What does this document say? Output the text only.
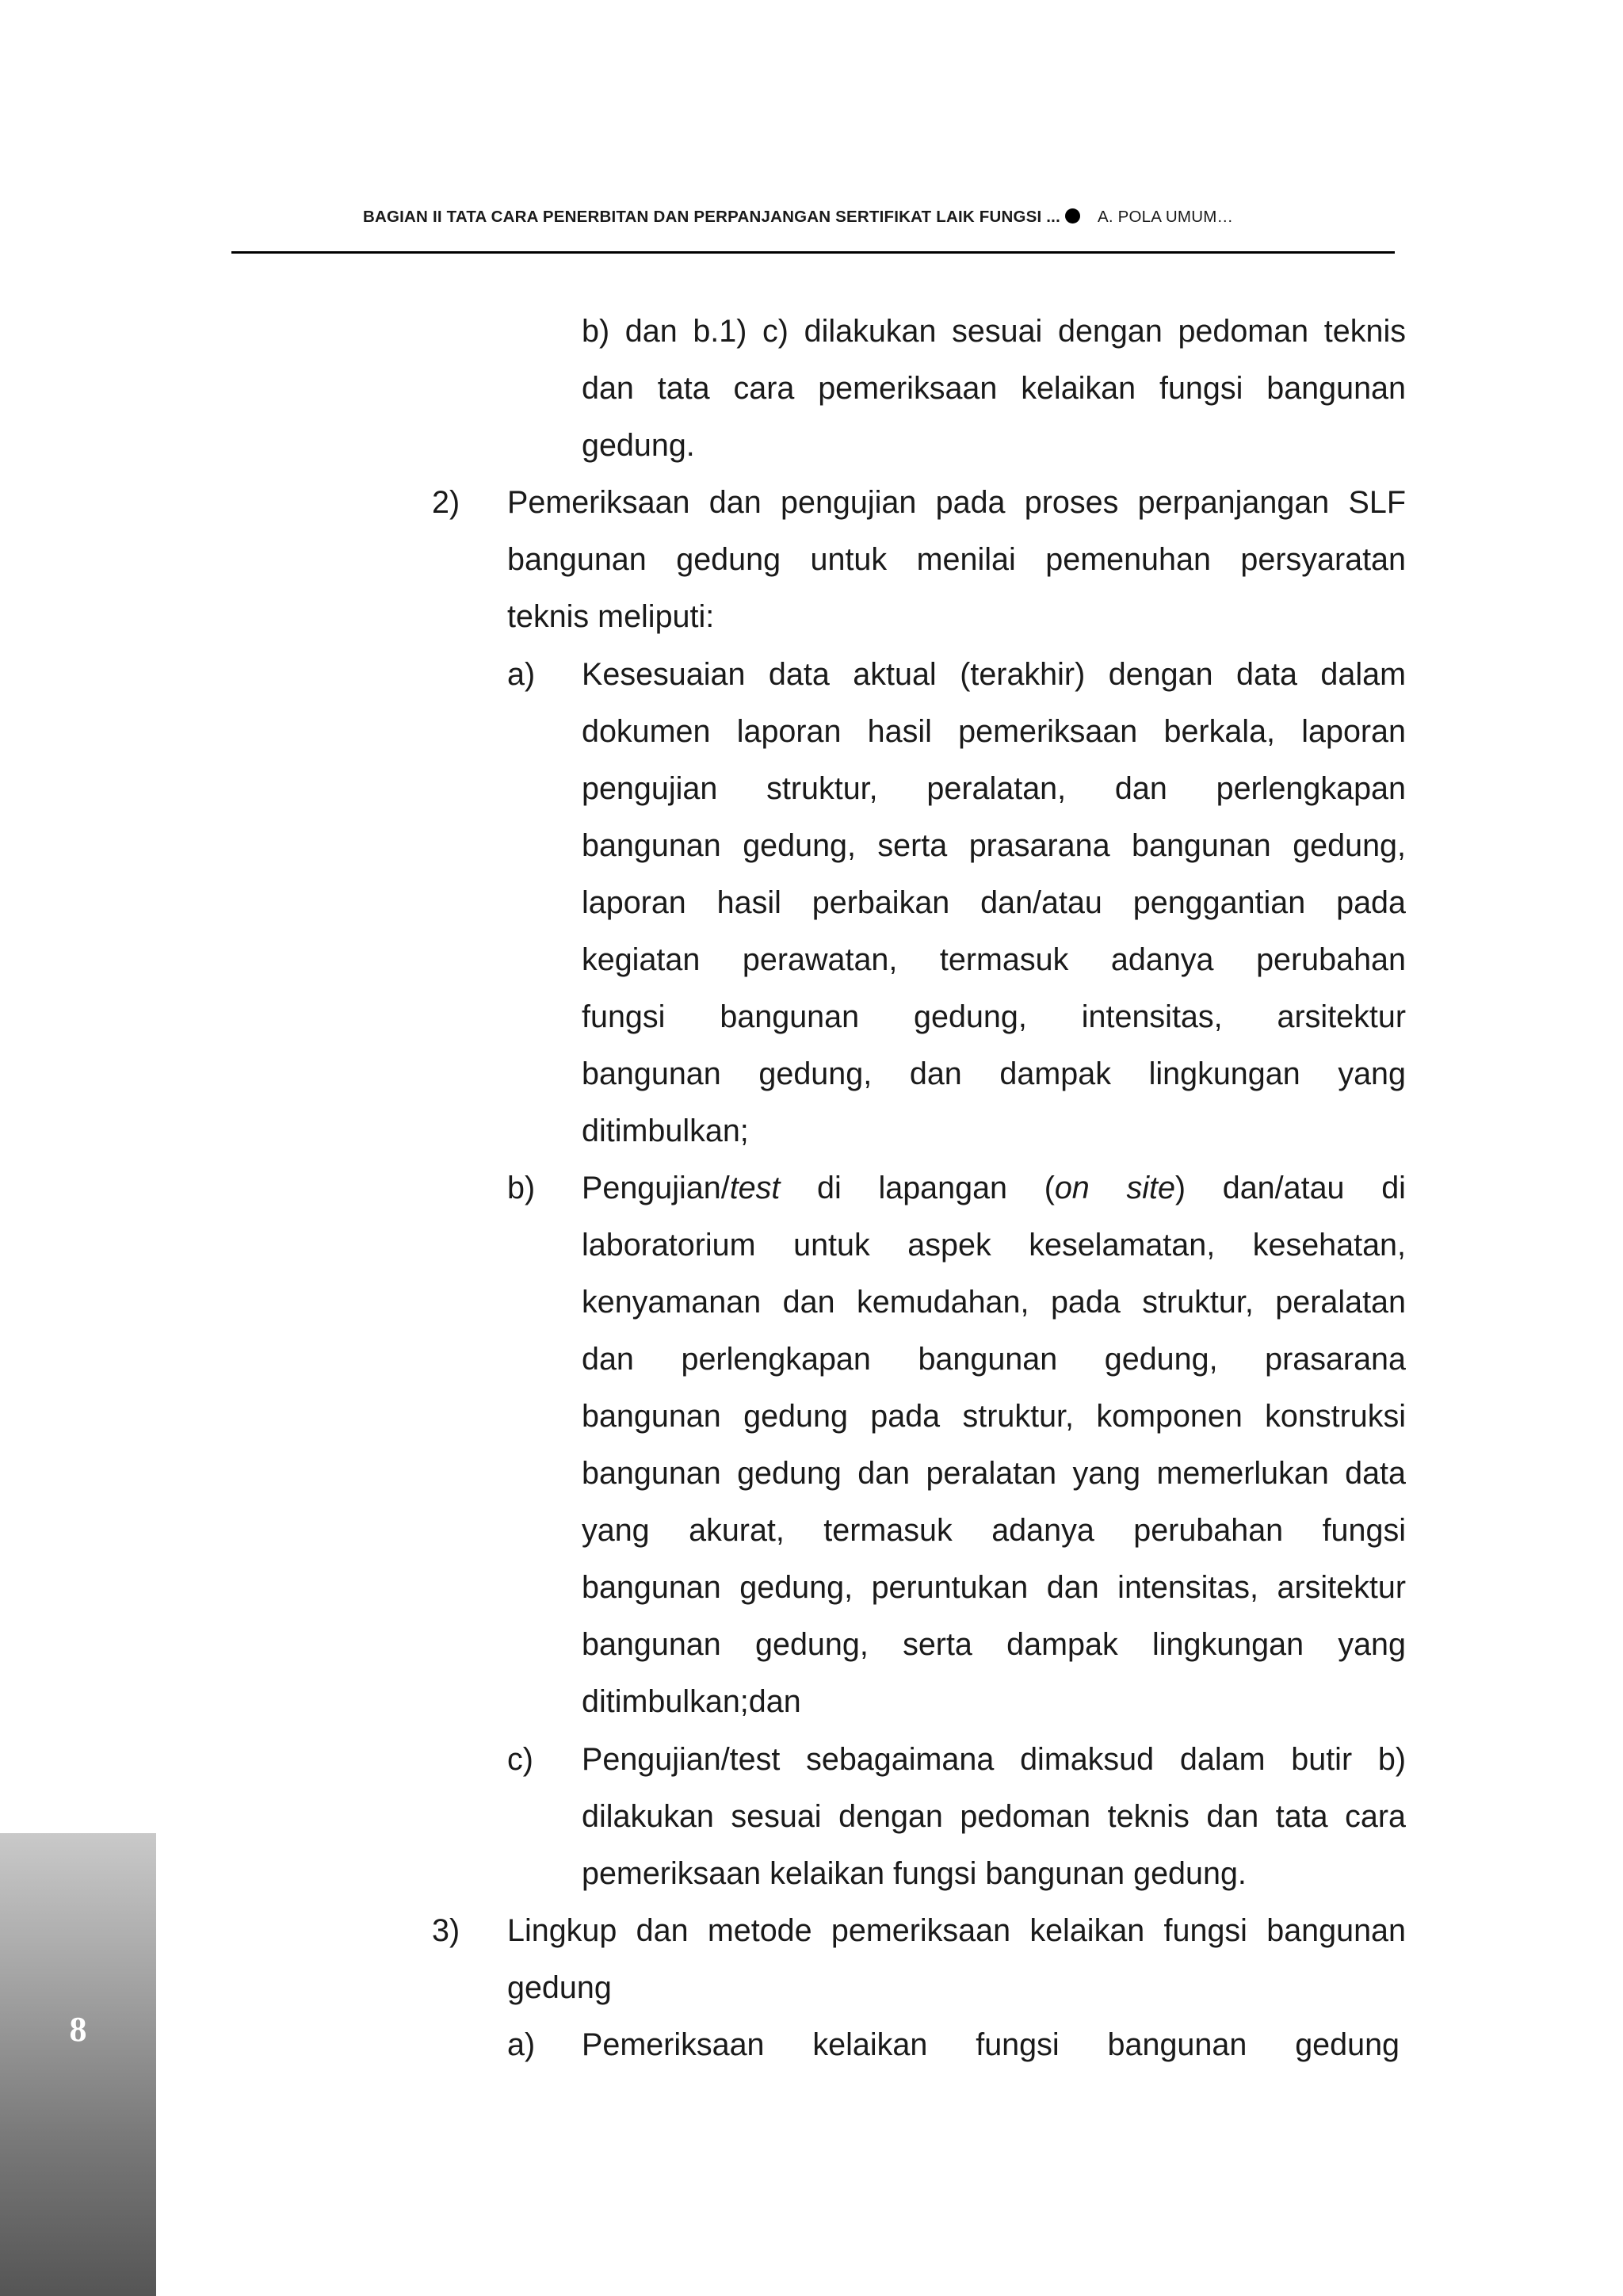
BAGIAN II TATA CARA PENERBITAN DAN PERPANJANGAN SERTIFIKAT LAIK FUNGSI ... A. POLA UMUM…
b) dan b.1) c) dilakukan sesuai dengan pedoman teknis
dan tata cara pemeriksaan kelaikan fungsi bangunan
gedung.
2) Pemeriksaan dan pengujian pada proses perpanjangan SLF
bangunan gedung untuk menilai pemenuhan persyaratan
teknis meliputi:
a) Kesesuaian data aktual (terakhir) dengan data dalam
dokumen laporan hasil pemeriksaan berkala, laporan
pengujian struktur, peralatan, dan perlengkapan
bangunan gedung, serta prasarana bangunan gedung,
laporan hasil perbaikan dan/atau penggantian pada
kegiatan perawatan, termasuk adanya perubahan
fungsi bangunan gedung, intensitas, arsitektur
bangunan gedung, dan dampak lingkungan yang
ditimbulkan;
b) Pengujian/test di lapangan (on site) dan/atau di
laboratorium untuk aspek keselamatan, kesehatan,
kenyamanan dan kemudahan, pada struktur, peralatan
dan perlengkapan bangunan gedung, prasarana
bangunan gedung pada struktur, komponen konstruksi
bangunan gedung dan peralatan yang memerlukan data
yang akurat, termasuk adanya perubahan fungsi
bangunan gedung, peruntukan dan intensitas, arsitektur
bangunan gedung, serta dampak lingkungan yang
ditimbulkan;dan
c) Pengujian/test sebagaimana dimaksud dalam butir b)
dilakukan sesuai dengan pedoman teknis dan tata cara
pemeriksaan kelaikan fungsi bangunan gedung.
3) Lingkup dan metode pemeriksaan kelaikan fungsi bangunan
gedung
a) Pemeriksaan kelaikan fungsi bangunan gedung
8
